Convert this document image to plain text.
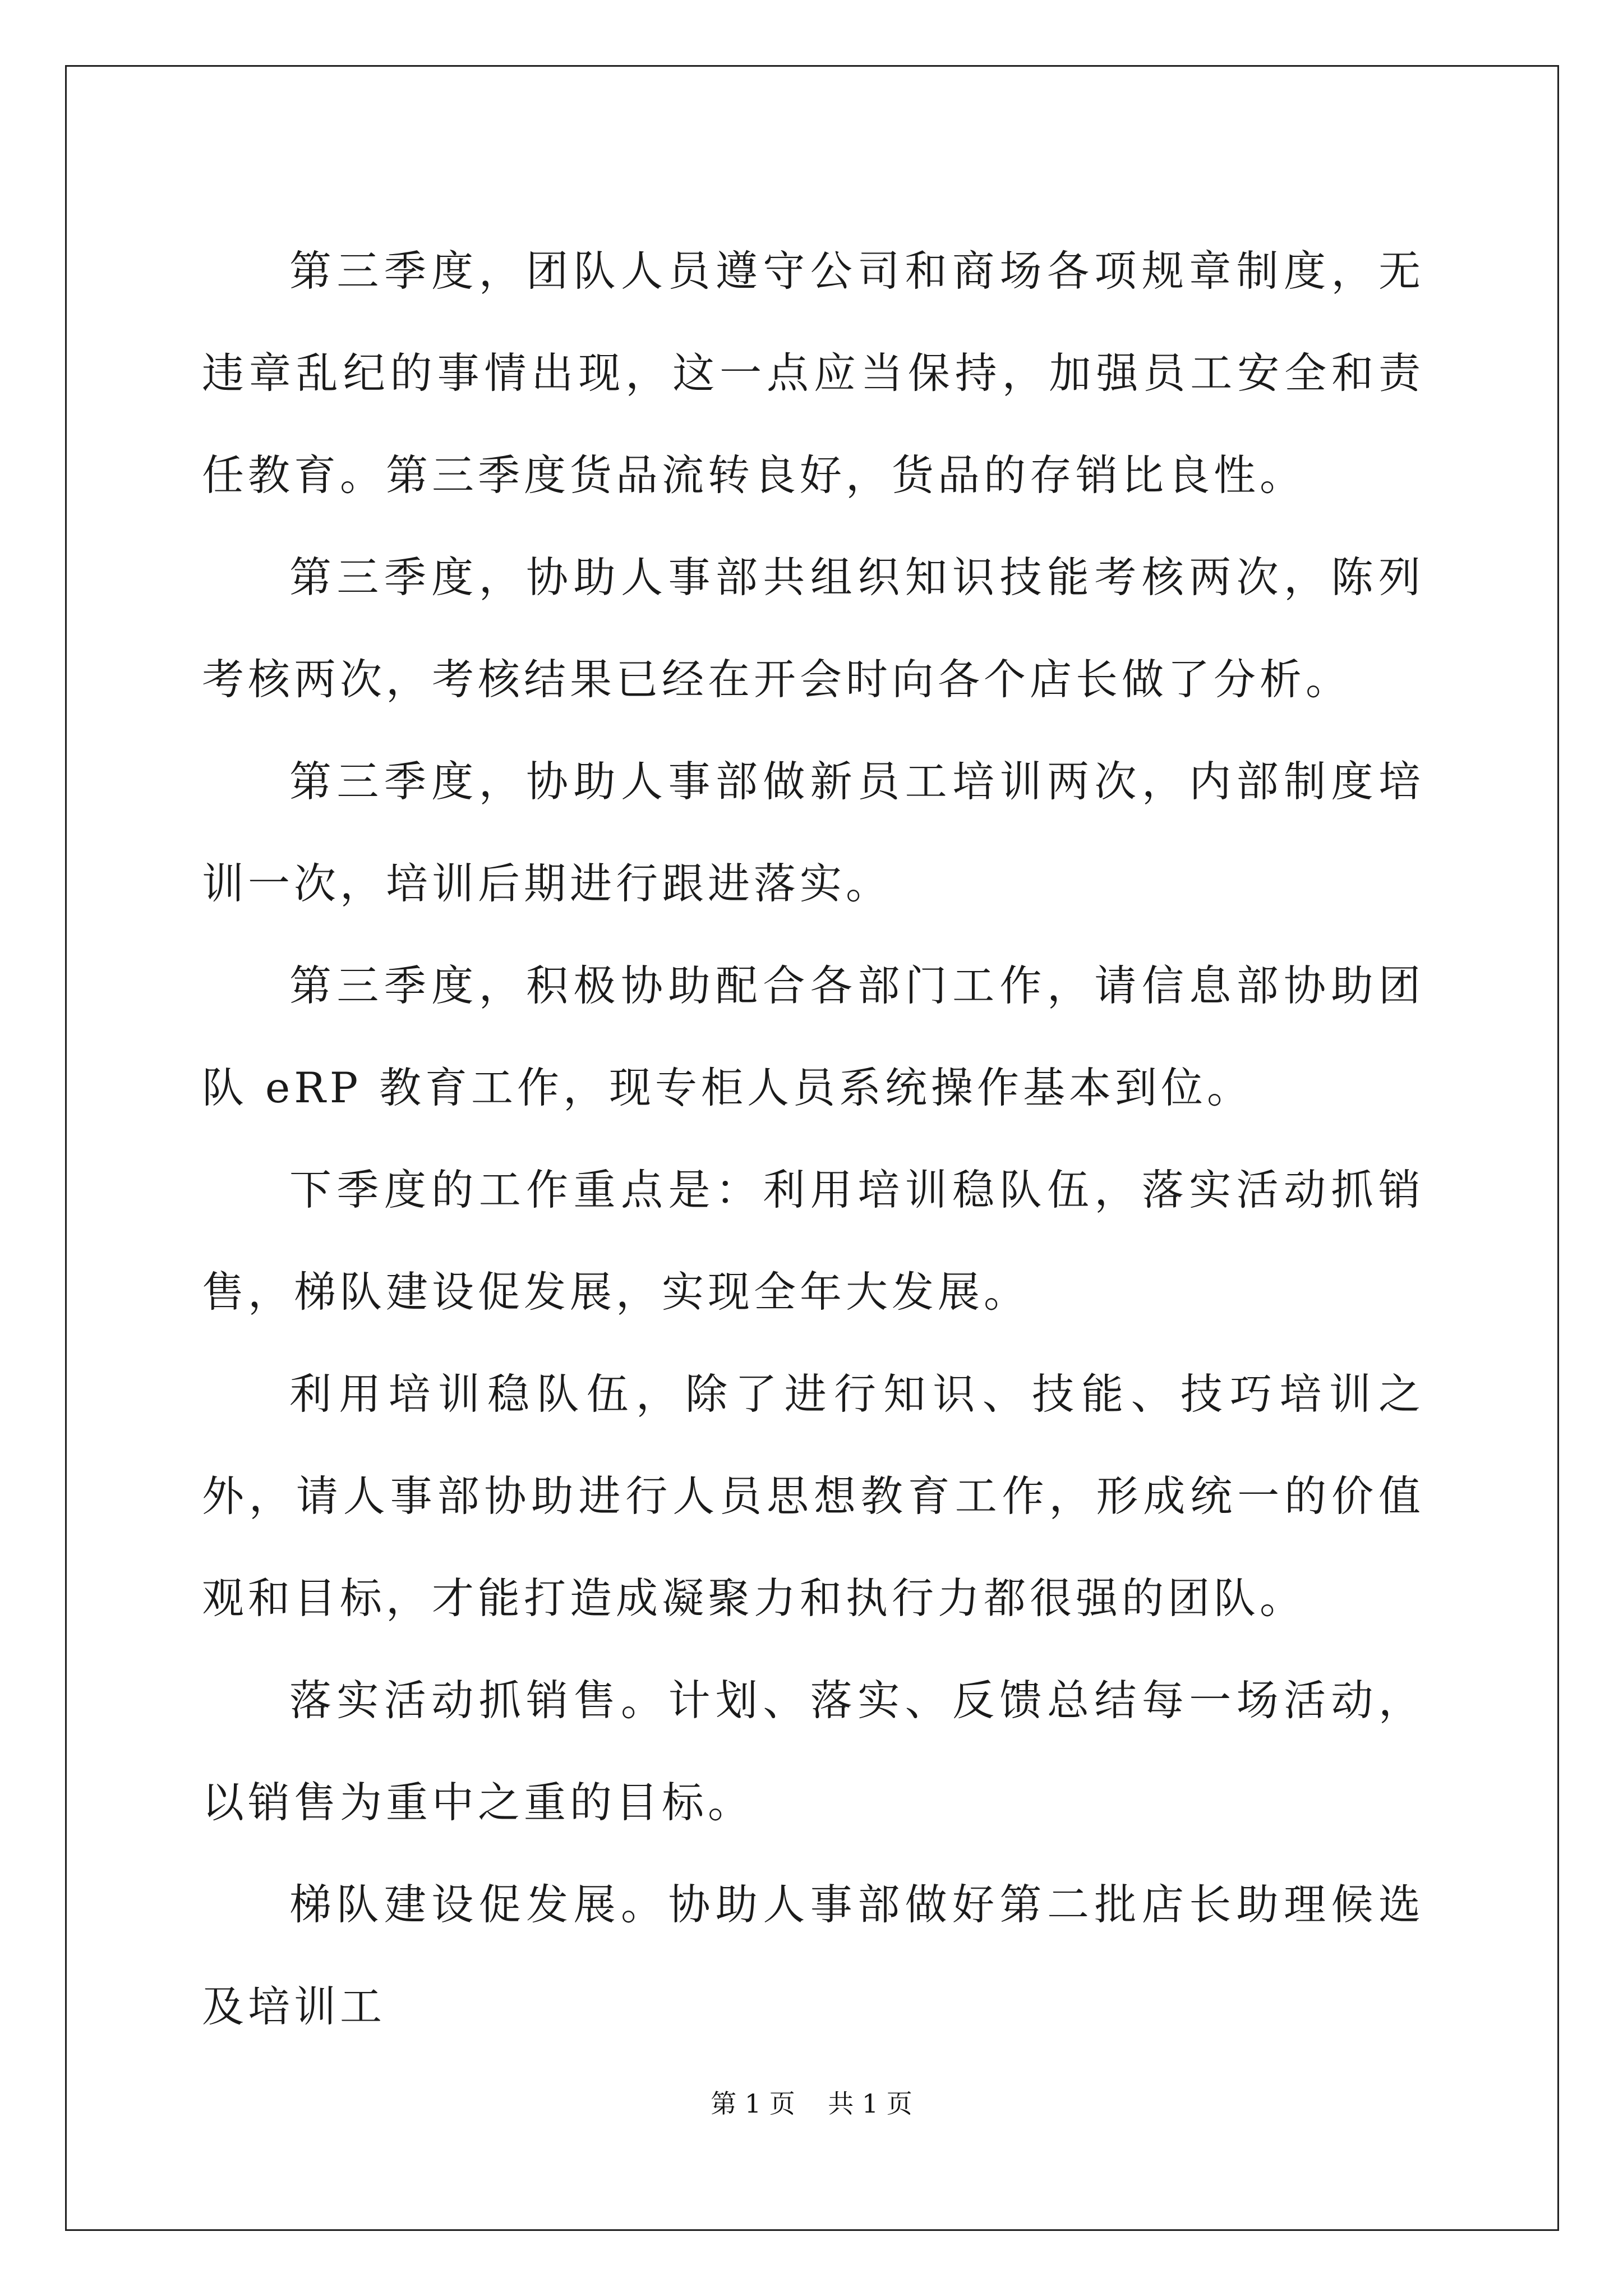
第三季度，团队人员遵守公司和商场各项规章制度，无违章乱纪的事情出现，这一点应当保持，加强员工安全和责任教育。第三季度货品流转良好，货品的存销比良性。

第三季度，协助人事部共组织知识技能考核两次，陈列考核两次，考核结果已经在开会时向各个店长做了分析。

第三季度，协助人事部做新员工培训两次，内部制度培训一次，培训后期进行跟进落实。

第三季度，积极协助配合各部门工作，请信息部协助团队 eRP 教育工作，现专柜人员系统操作基本到位。

下季度的工作重点是：利用培训稳队伍，落实活动抓销售，梯队建设促发展，实现全年大发展。

利用培训稳队伍，除了进行知识、技能、技巧培训之外，请人事部协助进行人员思想教育工作，形成统一的价值观和目标，才能打造成凝聚力和执行力都很强的团队。

落实活动抓销售。计划、落实、反馈总结每一场活动，以销售为重中之重的目标。

梯队建设促发展。协助人事部做好第二批店长助理候选及培训工

第 1 页    共 1 页
